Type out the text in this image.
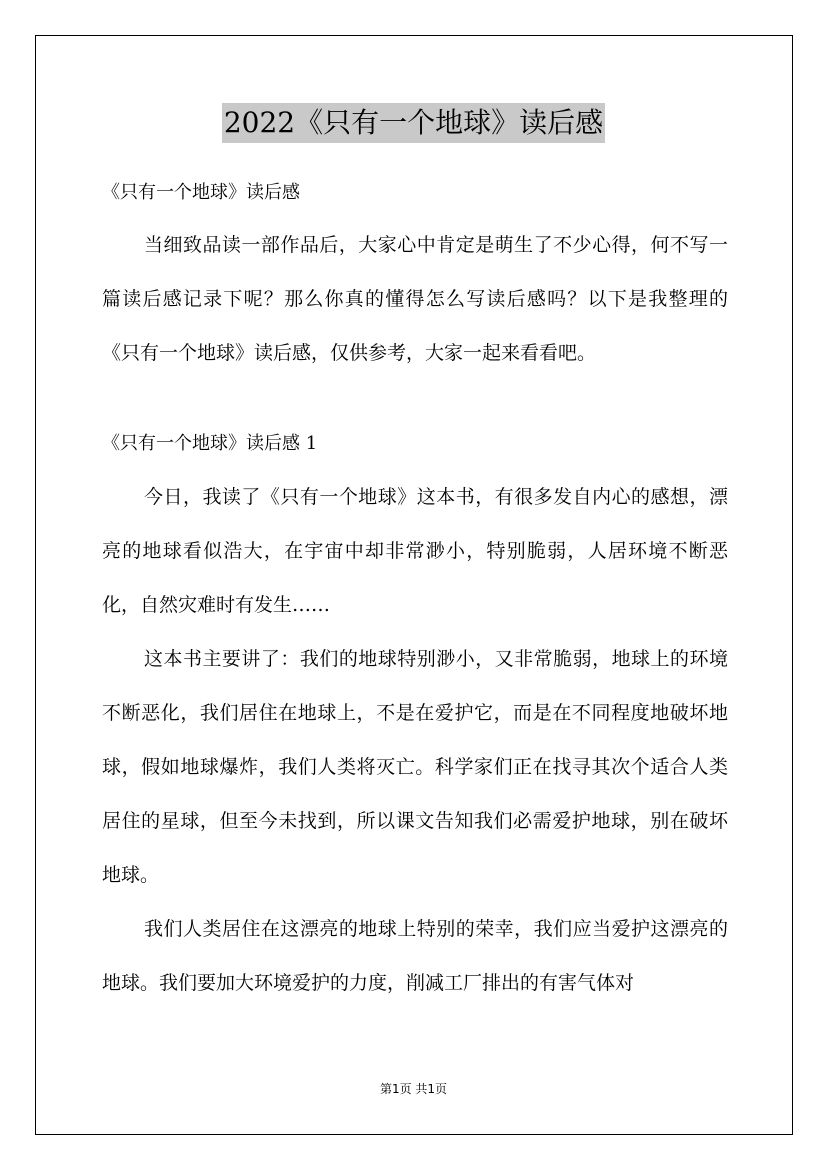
2022《只有一个地球》读后感

《只有一个地球》读后感

当细致品读一部作品后，大家心中肯定是萌生了不少心得，何不写一篇读后感记录下呢？那么你真的懂得怎么写读后感吗？以下是我整理的《只有一个地球》读后感，仅供参考，大家一起来看看吧。

《只有一个地球》读后感 1

今日，我读了《只有一个地球》这本书，有很多发自内心的感想，漂亮的地球看似浩大，在宇宙中却非常渺小，特别脆弱，人居环境不断恶化，自然灾难时有发生……

这本书主要讲了：我们的地球特别渺小，又非常脆弱，地球上的环境不断恶化，我们居住在地球上，不是在爱护它，而是在不同程度地破坏地球，假如地球爆炸，我们人类将灭亡。科学家们正在找寻其次个适合人类居住的星球，但至今未找到，所以课文告知我们必需爱护地球，别在破坏地球。

我们人类居住在这漂亮的地球上特别的荣幸，我们应当爱护这漂亮的地球。我们要加大环境爱护的力度，削减工厂排出的有害气体对

第1页 共1页
